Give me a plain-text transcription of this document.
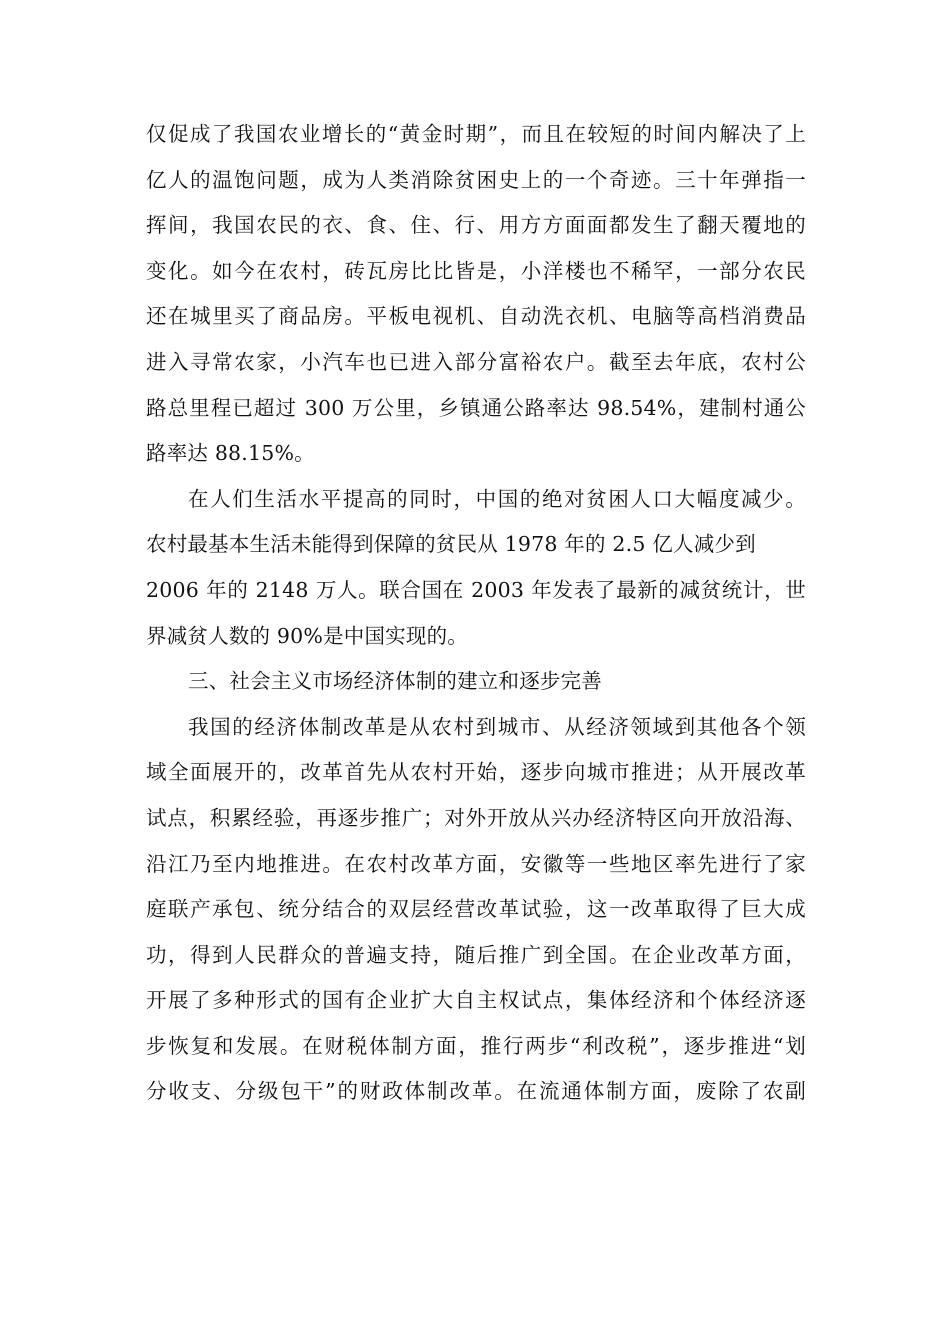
仅促成了我国农业增长的“黄金时期”，而且在较短的时间内解决了上
亿人的温饱问题，成为人类消除贫困史上的一个奇迹。三十年弹指一
挥间，我国农民的衣、食、住、行、用方方面面都发生了翻天覆地的
变化。如今在农村，砖瓦房比比皆是，小洋楼也不稀罕，一部分农民
还在城里买了商品房。平板电视机、自动洗衣机、电脑等高档消费品
进入寻常农家，小汽车也已进入部分富裕农户。截至去年底，农村公
路总里程已超过 300 万公里，乡镇通公路率达 98.54%，建制村通公
路率达 88.15%。
在人们生活水平提高的同时，中国的绝对贫困人口大幅度减少。
农村最基本生活未能得到保障的贫民从 1978 年的 2.5 亿人减少到
2006 年的 2148 万人。联合国在 2003 年发表了最新的减贫统计，世
界减贫人数的 90%是中国实现的。
三、社会主义市场经济体制的建立和逐步完善
我国的经济体制改革是从农村到城市、从经济领域到其他各个领
域全面展开的，改革首先从农村开始，逐步向城市推进；从开展改革
试点，积累经验，再逐步推广；对外开放从兴办经济特区向开放沿海、
沿江乃至内地推进。在农村改革方面，安徽等一些地区率先进行了家
庭联产承包、统分结合的双层经营改革试验，这一改革取得了巨大成
功，得到人民群众的普遍支持，随后推广到全国。在企业改革方面，
开展了多种形式的国有企业扩大自主权试点，集体经济和个体经济逐
步恢复和发展。在财税体制方面，推行两步“利改税”，逐步推进“划
分收支、分级包干”的财政体制改革。在流通体制方面，废除了农副
